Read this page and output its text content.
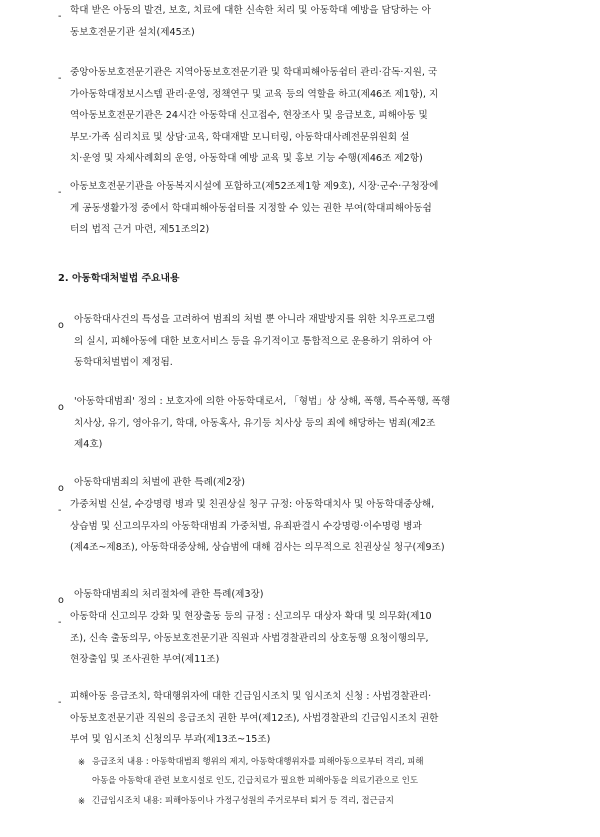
-

학대 받은 아동의 발견, 보호, 치료에 대한 신속한 처리 및 아동학대 예방을 담당하는 아

동보호전문기관 설치(제45조)

-

중앙아동보호전문기관은 지역아동보호전문기관 및 학대피해아동쉼터 관리·감독·지원, 국

가아동학대정보시스템 관리·운영, 정책연구 및 교육 등의 역할을 하고(제46조 제1항), 지

역아동보호전문기관은 24시간 아동학대 신고접수, 현장조사 및 응급보호, 피해아동 및

부모·가족 심리치료 및 상담·교육, 학대재발 모니터링, 아동학대사례전문위원회 설

치·운영 및 자체사례회의 운영, 아동학대 예방 교육 및 홍보 기능 수행(제46조 제2항)

-

아동보호전문기관을 아동복지시설에 포함하고(제52조제1항 제9호), 시장·군수·구청장에

게 공동생활가정 중에서 학대피해아동쉼터를 지정할 수 있는 권한 부여(학대피해아동쉼

터의 법적 근거 마련, 제51조의2)

2. 아동학대처벌법 주요내용
o

아동학대사건의 특성을 고려하여 범죄의 처벌 뿐 아니라 재발방지를 위한 치우프로그램

의 실시, 피해아동에 대한 보호서비스 등을 유기적이고 통합적으로 운용하기 위하여 아

동학대처벌법이 제정됨.

o

'아동학대범죄' 정의 : 보호자에 의한 아동학대로서, 「형법」상 상해, 폭행, 특수폭행, 폭행

치사상, 유기, 영아유기, 학대, 아동혹사, 유기등 치사상 등의 죄에 해당하는 범죄(제2조

제4호)

o

아동학대범죄의 처벌에 관한 특례(제2장)

-

가중처벌 신설, 수강명령 병과 및 친권상실 청구 규정: 아동학대치사 및 아동학대중상해,

상습범 및 신고의무자의 아동학대범죄 가중처벌, 유죄판결시 수강명령·이수명령 병과

(제4조~제8조), 아동학대중상해, 상습범에 대해 검사는 의무적으로 친권상실 청구(제9조)

o

아동학대범죄의 처리절차에 관한 특례(제3장)

-

아동학대 신고의무 강화 및 현장출동 등의 규정 : 신고의무 대상자 확대 및 의무화(제10

조), 신속 출동의무, 아동보호전문기관 직원과 사법경찰관리의 상호동행 요청이행의무,

현장출입 및 조사권한 부여(제11조)

-

피해아동 응급조치, 학대행위자에 대한 긴급임시조치 및 임시조치 신청 : 사법경찰관리·

아동보호전문기관 직원의 응급조치 권한 부여(제12조), 사법경찰관의 긴급임시조치 권한

부여 및 임시조치 신청의무 부과(제13조~15조)

※ 응급조치 내용 : 아동학대범죄 행위의 제지, 아동학대행위자를 피해아동으로부터 격리, 피해

아동을 아동학대 관련 보호시설로 인도, 긴급치료가 필요한 피해아동을 의료기관으로 인도

※ 긴급임시조치 내용: 피해아동이나 가정구성원의 주거로부터 퇴거 등 격리, 접근금지
